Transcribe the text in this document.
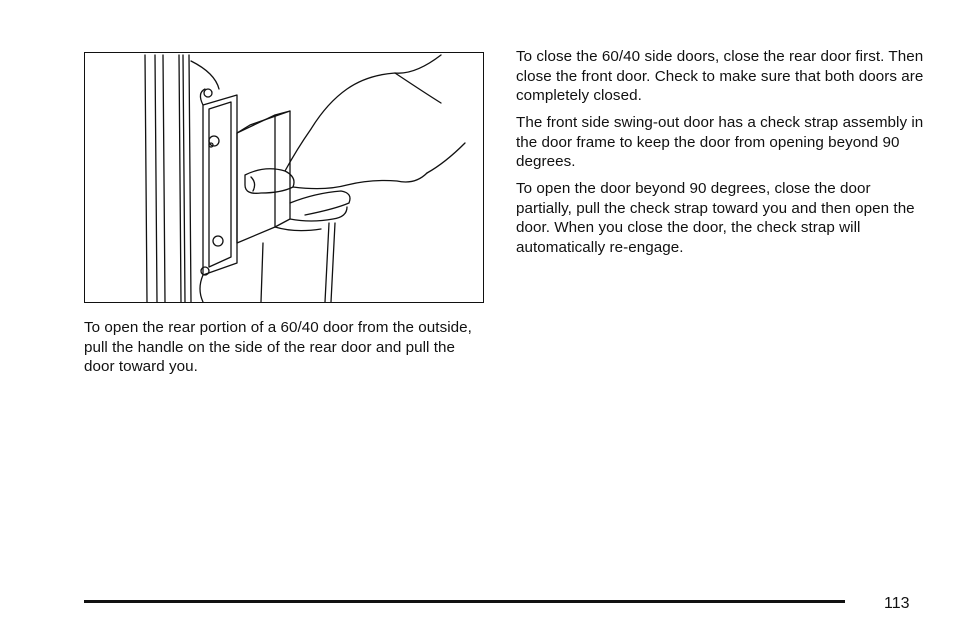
To open the rear portion of a 60/40 door from the outside, pull the handle on the side of the rear door and pull the door toward you.

To close the 60/40 side doors, close the rear door first. Then close the front door. Check to make sure that both doors are completely closed.

The front side swing-out door has a check strap assembly in the door frame to keep the door from opening beyond 90 degrees.

To open the door beyond 90 degrees, close the door partially, pull the check strap toward you and then open the door. When you close the door, the check strap will automatically re-engage.

113
